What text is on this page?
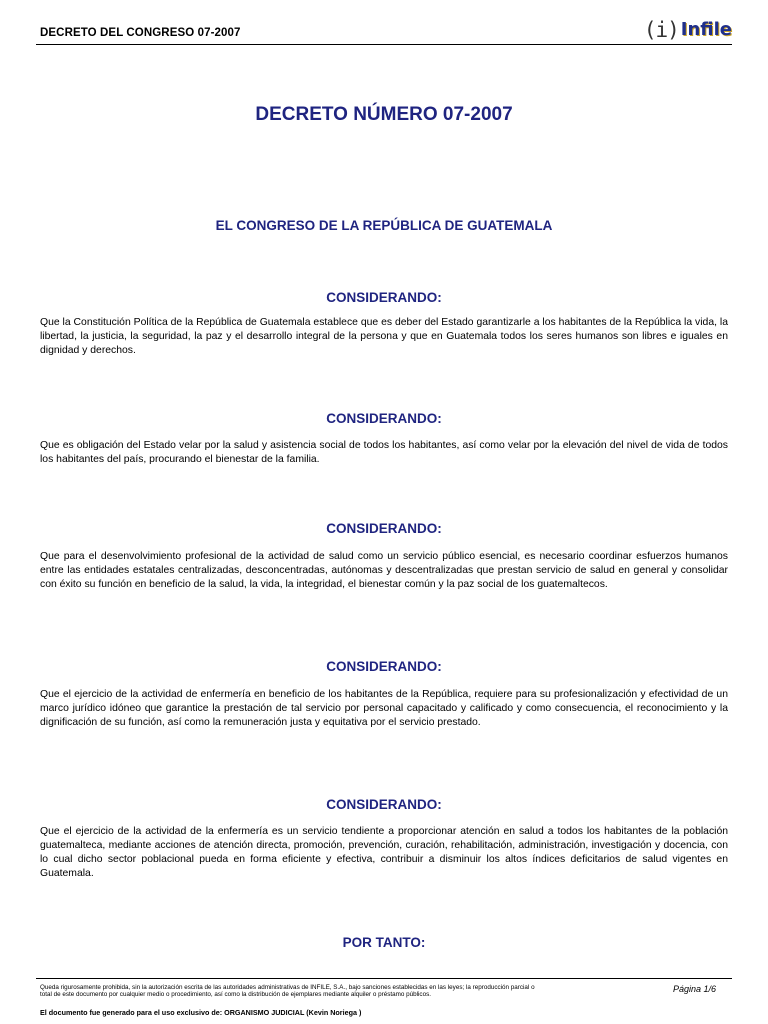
DECRETO DEL CONGRESO 07-2007	(i) Infile
DECRETO NÚMERO 07-2007
EL CONGRESO DE LA REPÚBLICA DE GUATEMALA
CONSIDERANDO:
Que la Constitución Política de la República de Guatemala establece que es deber del Estado garantizarle a los habitantes de la República la vida, la libertad, la justicia, la seguridad, la paz y el desarrollo integral de la persona y que en Guatemala todos los seres humanos son libres e iguales en dignidad y derechos.
CONSIDERANDO:
Que es obligación del Estado velar por la salud y asistencia social de todos los habitantes, así como velar por la elevación del nivel de vida de todos los habitantes del país, procurando el bienestar de la familia.
CONSIDERANDO:
Que para el desenvolvimiento profesional de la actividad de salud como un servicio público esencial, es necesario coordinar esfuerzos humanos entre las entidades estatales centralizadas, desconcentradas, autónomas y descentralizadas que prestan servicio de salud en general y consolidar con éxito su función en beneficio de la salud, la vida, la integridad, el bienestar común y la paz social de los guatemaltecos.
CONSIDERANDO:
Que el ejercicio de la actividad de enfermería en beneficio de los habitantes de la República, requiere para su profesionalización y efectividad de un marco jurídico idóneo que garantice la prestación de tal servicio por personal capacitado y calificado y como consecuencia, el reconocimiento y la dignificación de su función, así como la remuneración justa y equitativa por el servicio prestado.
CONSIDERANDO:
Que el ejercicio de la actividad de la enfermería es un servicio tendiente a proporcionar atención en salud a todos los habitantes de la población guatemalteca, mediante acciones de atención directa, promoción, prevención, curación, rehabilitación, administración, investigación y docencia, con lo cual dicho sector poblacional pueda en forma eficiente y efectiva, contribuir a disminuir los altos índices deficitarios de salud vigentes en Guatemala.
POR TANTO:
Queda rigurosamente prohibida, sin la autorización escrita de las autoridades administrativas de INFILE, S.A., bajo sanciones establecidas en las leyes; la reproducción parcial o total de este documento por cualquier medio o procedimiento, así como la distribución de ejemplares mediante alquiler o préstamo públicos.
Página 1/6
El documento fue generado para el uso exclusivo de: ORGANISMO JUDICIAL (Kevin Noriega )
